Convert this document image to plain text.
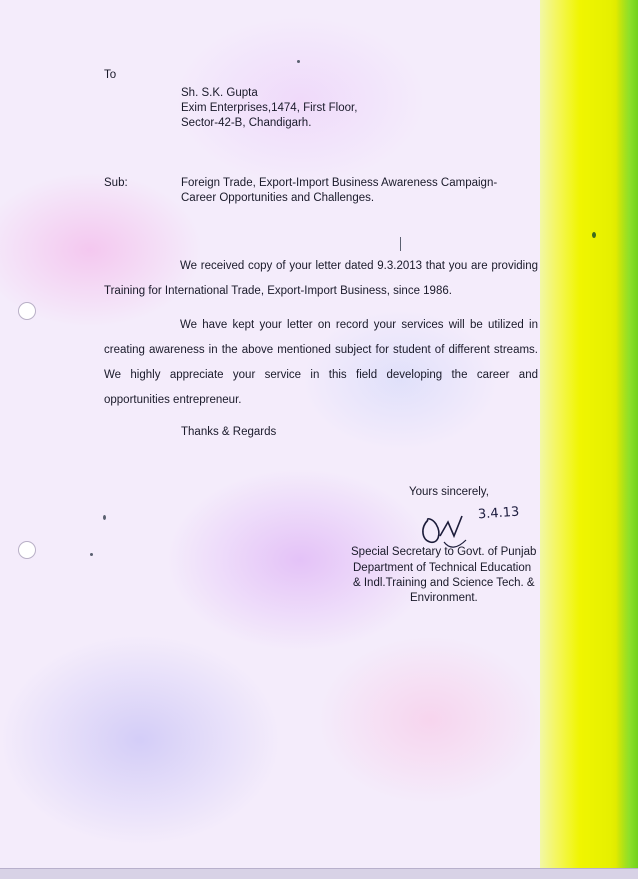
To
Sh. S.K. Gupta
Exim Enterprises,1474, First Floor,
Sector-42-B, Chandigarh.
Sub:	Foreign Trade, Export-Import Business Awareness Campaign-
Career Opportunities and Challenges.
We received copy of your letter dated 9.3.2013 that you are providing Training for International Trade, Export-Import Business, since 1986.
We have kept your letter on record your services will be utilized in creating awareness in the above mentioned subject for student of different streams. We highly appreciate your service in this field developing the career and opportunities entrepreneur.
Thanks & Regards
Yours sincerely,
3.4.13
Special Secretary to Govt. of Punjab
Department of Technical Education
& Indl.Training and Science Tech. &
Environment.
